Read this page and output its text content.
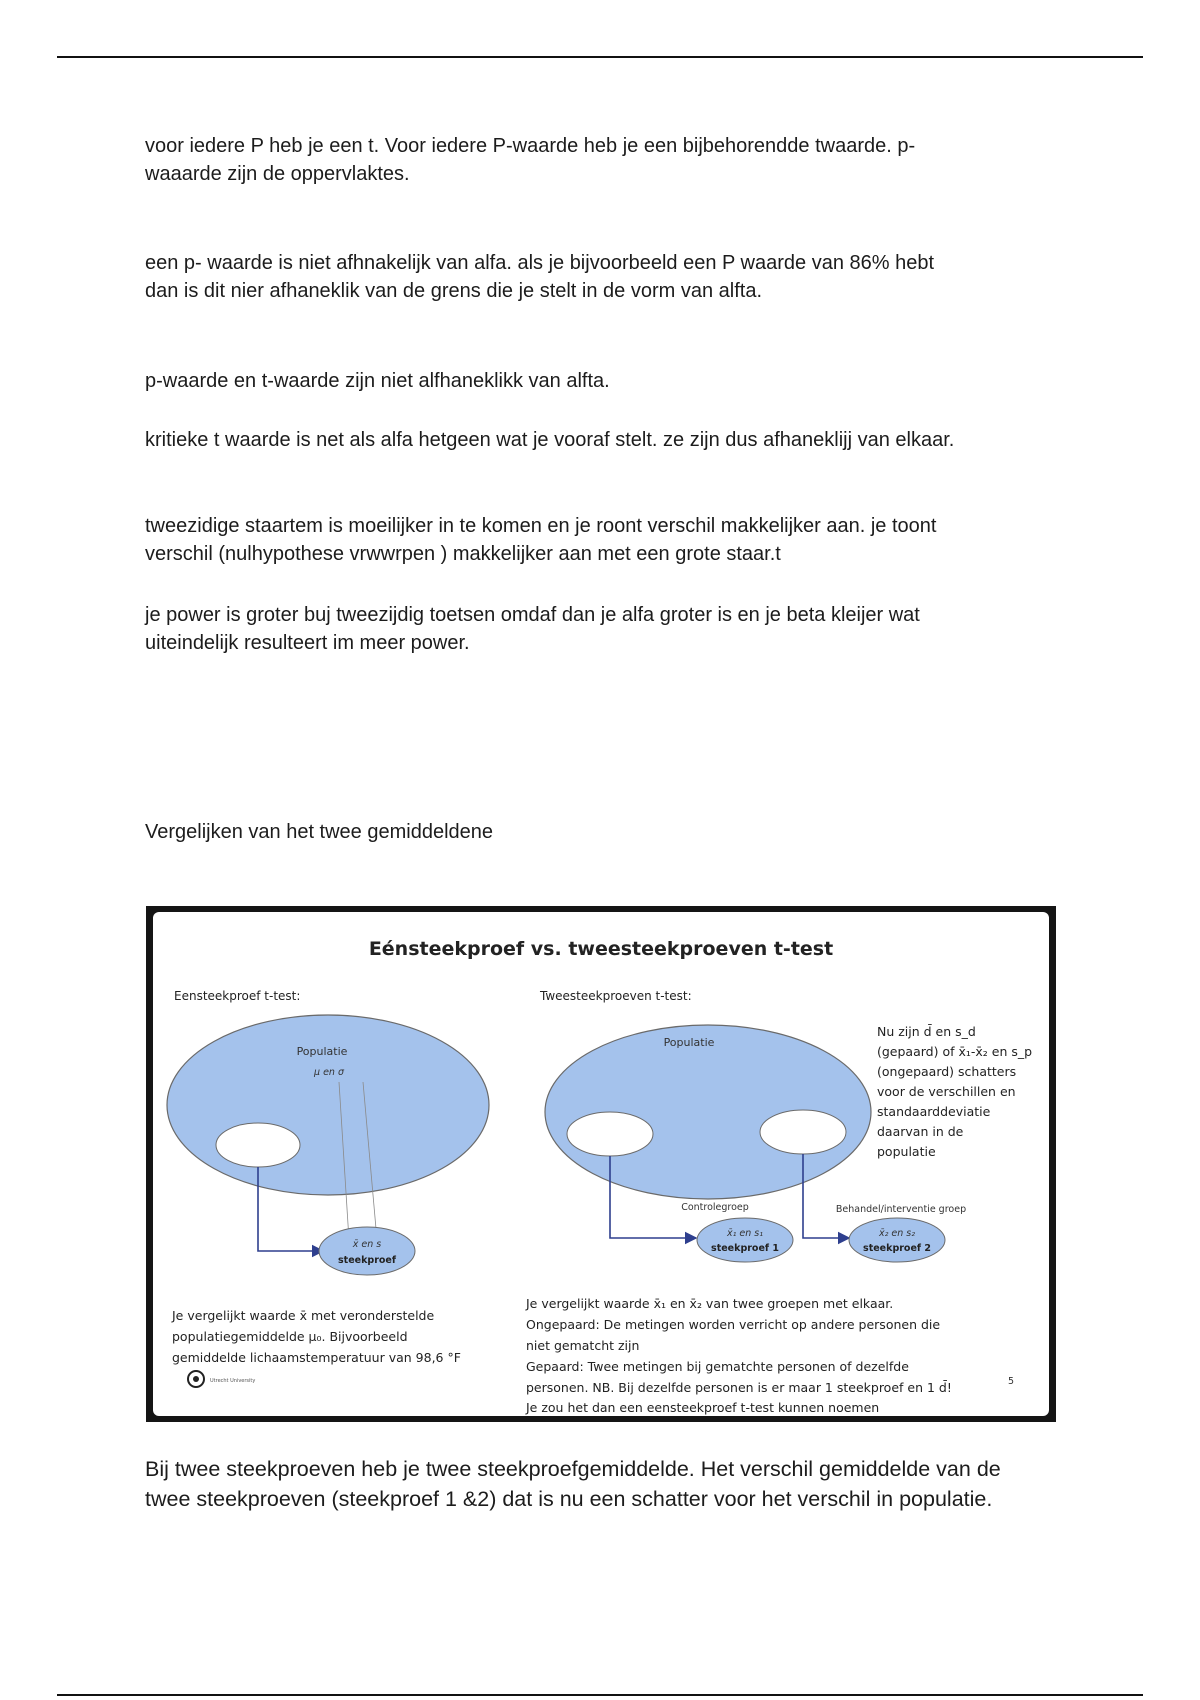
voor iedere P heb je een t. Voor iedere P-waarde heb je een bijbehorendde twaarde. p-
waaarde zijn de oppervlaktes.
een p- waarde is niet afhnakelijk van alfa. als je bijvoorbeeld een P waarde van 86% hebt
dan is dit nier afhaneklik van de grens die je stelt in de vorm van alfta.
p-waarde en t-waarde zijn niet alfhaneklikk van alfta.
kritieke t waarde is net als alfa hetgeen wat je vooraf stelt. ze zijn dus afhaneklijj van elkaar.
tweezidige staartem is moeilijker in te komen en je roont verschil makkelijker aan. je toont
verschil (nulhypothese vrwwrpen ) makkelijker aan met een grote staar.t
je power is groter buj tweezijdig toetsen omdaf dan je alfa groter is en je beta kleijer wat
uiteindelijk resulteert im meer power.
Vergelijken van het twee gemiddeldene
Eénsteekproef vs. tweesteekproeven t-test
Eensteekproef t-test:	Tweesteekproeven t-test:
Populatie
μ en σ
x̄ en s
steekproef
Populatie
Controlegroep	Behandel/interventie groep
x̄₁ en s₁
steekproef 1
x̄₂ en s₂
steekproef 2
Nu zijn d̄ en s_d
(gepaard) of x̄₁-x̄₂ en s_p
(ongepaard) schatters
voor de verschillen en
standaarddeviatie
daarvan in de
populatie
Je vergelijkt waarde x̄ met veronderstelde
populatiegemiddelde μ₀. Bijvoorbeeld
gemiddelde lichaamstemperatuur van 98,6 °F
Utrecht University
Je vergelijkt waarde x̄₁ en x̄₂ van twee groepen met elkaar.
Ongepaard: De metingen worden verricht op andere personen die
niet gematcht zijn
Gepaard: Twee metingen bij gematchte personen of dezelfde
personen. NB. Bij dezelfde personen is er maar 1 steekproef en 1 d̄!
Je zou het dan een eensteekproef t-test kunnen noemen
5
Bij twee steekproeven heb je twee steekproefgemiddelde. Het verschil gemiddelde van de
twee steekproeven (steekproef 1 &2) dat is nu een schatter voor het verschil in populatie.
